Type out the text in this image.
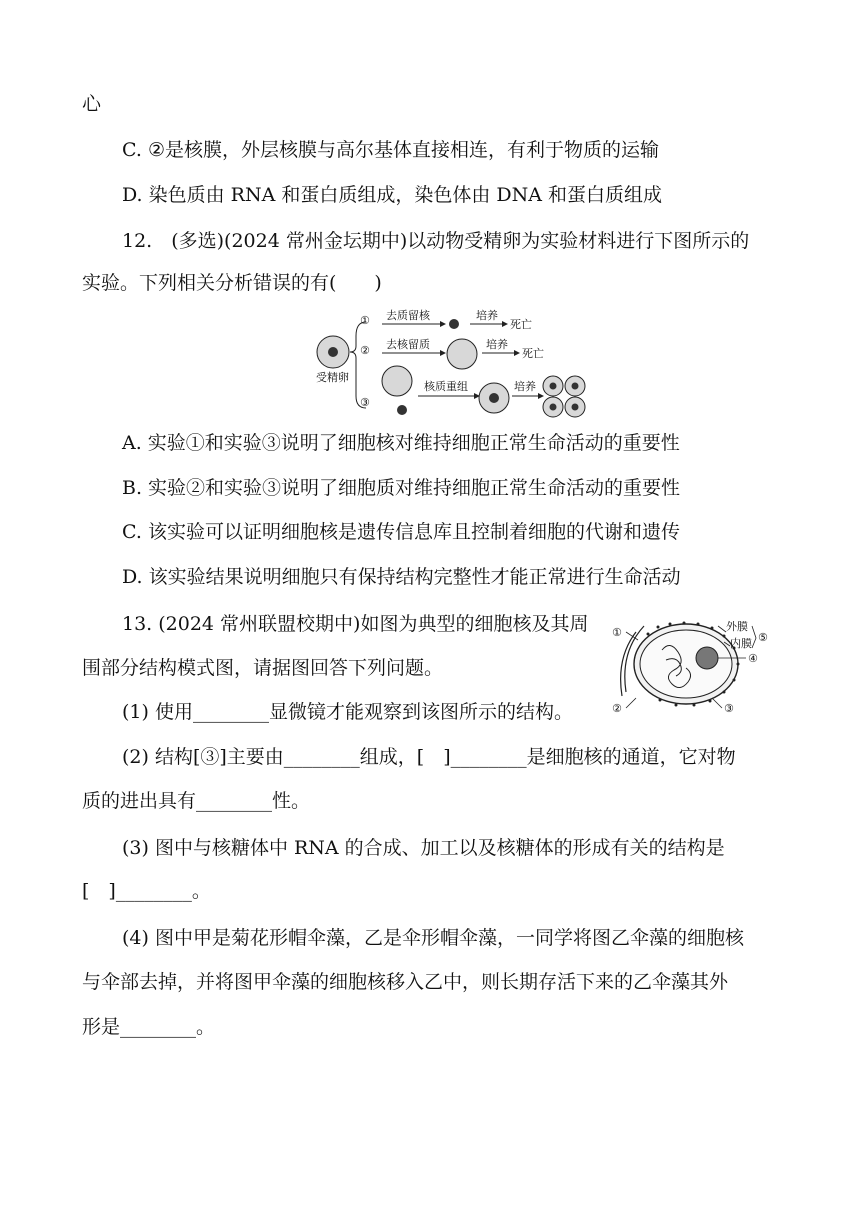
心
C. ②是核膜，外层核膜与高尔基体直接相连，有利于物质的运输
D. 染色质由 RNA 和蛋白质组成，染色体由 DNA 和蛋白质组成
12.　(多选)(2024 常州金坛期中)以动物受精卵为实验材料进行下图所示的
实验。下列相关分析错误的有(　　)
受精卵
① 去质留核	培养
死亡
② 去核留质	培养
死亡
③
核质重组	培养
A. 实验①和实验③说明了细胞核对维持细胞正常生命活动的重要性
B. 实验②和实验③说明了细胞质对维持细胞正常生命活动的重要性
C. 该实验可以证明细胞核是遗传信息库且控制着细胞的代谢和遗传
D. 该实验结果说明细胞只有保持结构完整性才能正常进行生命活动
13. (2024 常州联盟校期中)如图为典型的细胞核及其周
围部分结构模式图，请据图回答下列问题。
①
②	③
④
外膜
内膜 ⑤
(1) 使用________显微镜才能观察到该图所示的结构。
(2) 结构[③]主要由________组成，[　]________是细胞核的通道，它对物
质的进出具有________性。
(3) 图中与核糖体中 RNA 的合成、加工以及核糖体的形成有关的结构是
[　]________。
(4) 图中甲是菊花形帽伞藻，乙是伞形帽伞藻，一同学将图乙伞藻的细胞核
与伞部去掉，并将图甲伞藻的细胞核移入乙中，则长期存活下来的乙伞藻其外
形是________。
